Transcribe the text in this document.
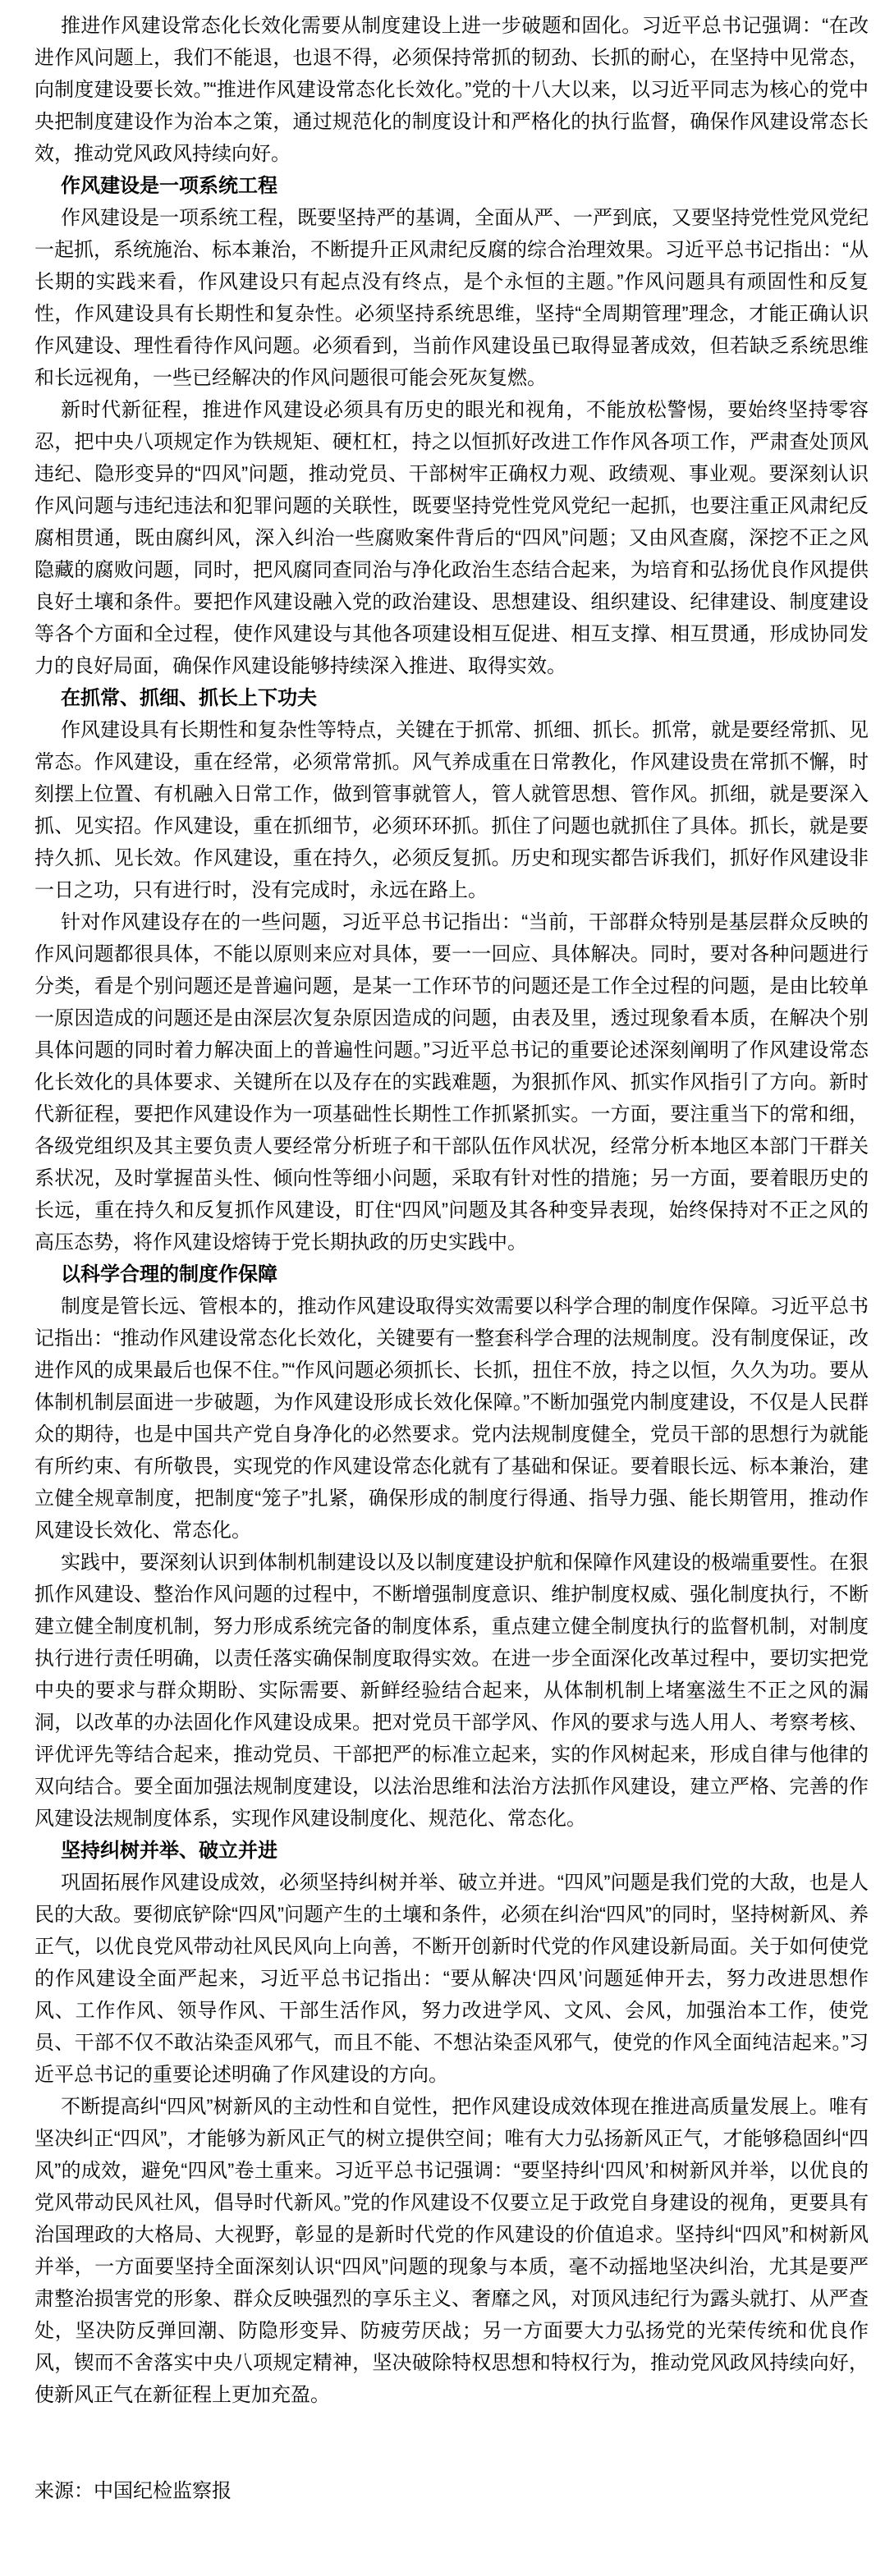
推进作风建设常态化长效化需要从制度建设上进一步破题和固化。习近平总书记强调：“在改进作风问题上，我们不能退，也退不得，必须保持常抓的韧劲、长抓的耐心，在坚持中见常态，向制度建设要长效。”“推进作风建设常态化长效化。”党的十八大以来，以习近平同志为核心的党中央把制度建设作为治本之策，通过规范化的制度设计和严格化的执行监督，确保作风建设常态长效，推动党风政风持续向好。

作风建设是一项系统工程

作风建设是一项系统工程，既要坚持严的基调，全面从严、一严到底，又要坚持党性党风党纪一起抓，系统施治、标本兼治，不断提升正风肃纪反腐的综合治理效果。习近平总书记指出：“从长期的实践来看，作风建设只有起点没有终点，是个永恒的主题。”作风问题具有顽固性和反复性，作风建设具有长期性和复杂性。必须坚持系统思维，坚持“全周期管理”理念，才能正确认识作风建设、理性看待作风问题。必须看到，当前作风建设虽已取得显著成效，但若缺乏系统思维和长远视角，一些已经解决的作风问题很可能会死灰复燃。

新时代新征程，推进作风建设必须具有历史的眼光和视角，不能放松警惕，要始终坚持零容忍，把中央八项规定作为铁规矩、硬杠杠，持之以恒抓好改进工作作风各项工作，严肃查处顶风违纪、隐形变异的“四风”问题，推动党员、干部树牢正确权力观、政绩观、事业观。要深刻认识作风问题与违纪违法和犯罪问题的关联性，既要坚持党性党风党纪一起抓，也要注重正风肃纪反腐相贯通，既由腐纠风，深入纠治一些腐败案件背后的“四风”问题；又由风查腐，深挖不正之风隐藏的腐败问题，同时，把风腐同查同治与净化政治生态结合起来，为培育和弘扬优良作风提供良好土壤和条件。要把作风建设融入党的政治建设、思想建设、组织建设、纪律建设、制度建设等各个方面和全过程，使作风建设与其他各项建设相互促进、相互支撑、相互贯通，形成协同发力的良好局面，确保作风建设能够持续深入推进、取得实效。

在抓常、抓细、抓长上下功夫

作风建设具有长期性和复杂性等特点，关键在于抓常、抓细、抓长。抓常，就是要经常抓、见常态。作风建设，重在经常，必须常常抓。风气养成重在日常教化，作风建设贵在常抓不懈，时刻摆上位置、有机融入日常工作，做到管事就管人，管人就管思想、管作风。抓细，就是要深入抓、见实招。作风建设，重在抓细节，必须环环抓。抓住了问题也就抓住了具体。抓长，就是要持久抓、见长效。作风建设，重在持久，必须反复抓。历史和现实都告诉我们，抓好作风建设非一日之功，只有进行时，没有完成时，永远在路上。

针对作风建设存在的一些问题，习近平总书记指出：“当前，干部群众特别是基层群众反映的作风问题都很具体，不能以原则来应对具体，要一一回应、具体解决。同时，要对各种问题进行分类，看是个别问题还是普遍问题，是某一工作环节的问题还是工作全过程的问题，是由比较单一原因造成的问题还是由深层次复杂原因造成的问题，由表及里，透过现象看本质，在解决个别具体问题的同时着力解决面上的普遍性问题。”习近平总书记的重要论述深刻阐明了作风建设常态化长效化的具体要求、关键所在以及存在的实践难题，为狠抓作风、抓实作风指引了方向。新时代新征程，要把作风建设作为一项基础性长期性工作抓紧抓实。一方面，要注重当下的常和细，各级党组织及其主要负责人要经常分析班子和干部队伍作风状况，经常分析本地区本部门干群关系状况，及时掌握苗头性、倾向性等细小问题，采取有针对性的措施；另一方面，要着眼历史的长远，重在持久和反复抓作风建设，盯住“四风”问题及其各种变异表现，始终保持对不正之风的高压态势，将作风建设熔铸于党长期执政的历史实践中。

以科学合理的制度作保障

制度是管长远、管根本的，推动作风建设取得实效需要以科学合理的制度作保障。习近平总书记指出：“推动作风建设常态化长效化，关键要有一整套科学合理的法规制度。没有制度保证，改进作风的成果最后也保不住。”“作风问题必须抓长、长抓，扭住不放，持之以恒，久久为功。要从体制机制层面进一步破题，为作风建设形成长效化保障。”不断加强党内制度建设，不仅是人民群众的期待，也是中国共产党自身净化的必然要求。党内法规制度健全，党员干部的思想行为就能有所约束、有所敬畏，实现党的作风建设常态化就有了基础和保证。要着眼长远、标本兼治，建立健全规章制度，把制度“笼子”扎紧，确保形成的制度行得通、指导力强、能长期管用，推动作风建设长效化、常态化。

实践中，要深刻认识到体制机制建设以及以制度建设护航和保障作风建设的极端重要性。在狠抓作风建设、整治作风问题的过程中，不断增强制度意识、维护制度权威、强化制度执行，不断建立健全制度机制，努力形成系统完备的制度体系，重点建立健全制度执行的监督机制，对制度执行进行责任明确，以责任落实确保制度取得实效。在进一步全面深化改革过程中，要切实把党中央的要求与群众期盼、实际需要、新鲜经验结合起来，从体制机制上堵塞滋生不正之风的漏洞，以改革的办法固化作风建设成果。把对党员干部学风、作风的要求与选人用人、考察考核、评优评先等结合起来，推动党员、干部把严的标准立起来，实的作风树起来，形成自律与他律的双向结合。要全面加强法规制度建设，以法治思维和法治方法抓作风建设，建立严格、完善的作风建设法规制度体系，实现作风建设制度化、规范化、常态化。

坚持纠树并举、破立并进

巩固拓展作风建设成效，必须坚持纠树并举、破立并进。“四风”问题是我们党的大敌，也是人民的大敌。要彻底铲除“四风”问题产生的土壤和条件，必须在纠治“四风”的同时，坚持树新风、养正气，以优良党风带动社风民风向上向善，不断开创新时代党的作风建设新局面。关于如何使党的作风建设全面严起来，习近平总书记指出：“要从解决‘四风’问题延伸开去，努力改进思想作风、工作作风、领导作风、干部生活作风，努力改进学风、文风、会风，加强治本工作，使党员、干部不仅不敢沾染歪风邪气，而且不能、不想沾染歪风邪气，使党的作风全面纯洁起来。”习近平总书记的重要论述明确了作风建设的方向。

不断提高纠“四风”树新风的主动性和自觉性，把作风建设成效体现在推进高质量发展上。唯有坚决纠正“四风”，才能够为新风正气的树立提供空间；唯有大力弘扬新风正气，才能够稳固纠“四风”的成效，避免“四风”卷土重来。习近平总书记强调：“要坚持纠‘四风’和树新风并举，以优良的党风带动民风社风，倡导时代新风。”党的作风建设不仅要立足于政党自身建设的视角，更要具有治国理政的大格局、大视野，彰显的是新时代党的作风建设的价值追求。坚持纠“四风”和树新风并举，一方面要坚持全面深刻认识“四风”问题的现象与本质，毫不动摇地坚决纠治，尤其是要严肃整治损害党的形象、群众反映强烈的享乐主义、奢靡之风，对顶风违纪行为露头就打、从严查处，坚决防反弹回潮、防隐形变异、防疲劳厌战；另一方面要大力弘扬党的光荣传统和优良作风，锲而不舍落实中央八项规定精神，坚决破除特权思想和特权行为，推动党风政风持续向好，使新风正气在新征程上更加充盈。

来源：中国纪检监察报
